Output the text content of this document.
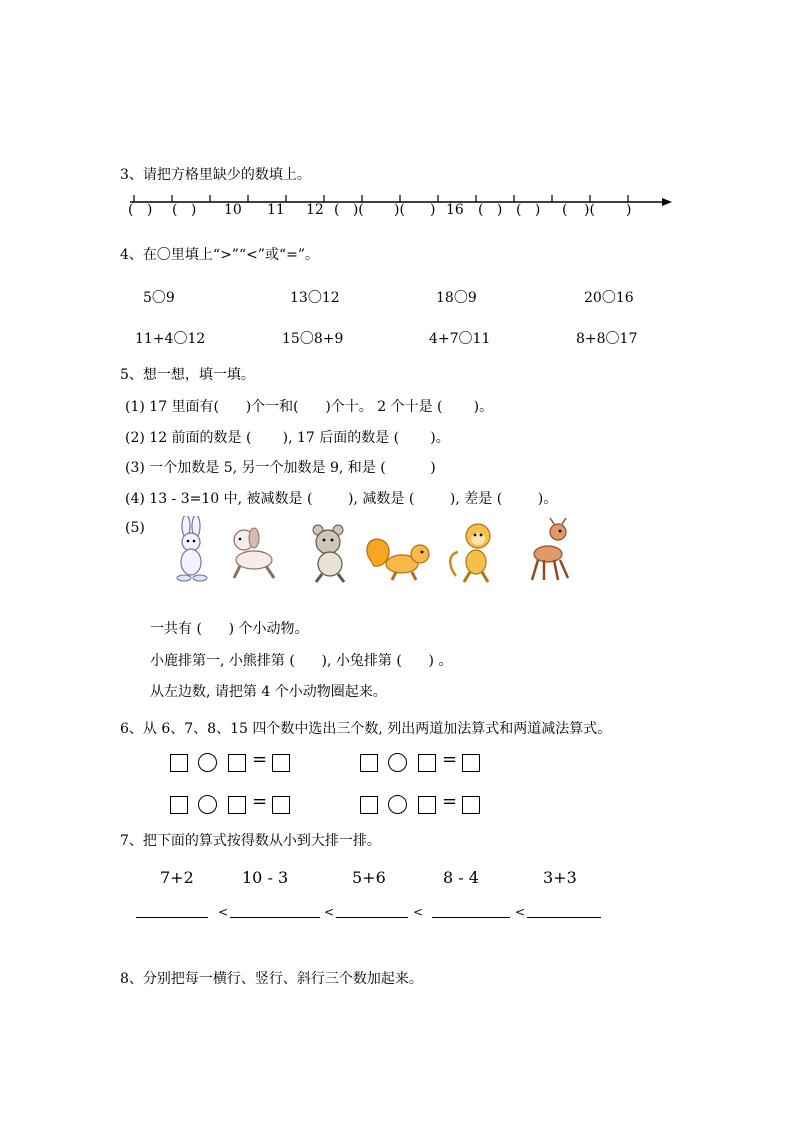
3、请把方格里缺少的数填上。
(   ) (   ) 10 11 12 (   )( )( ) 16 (   ) (   ) ( )( )
4、在〇里填上“>”“<”或“=”。
5〇9	13〇12	18〇9	20〇16
11+4〇12	15〇8+9	4+7〇11	8+8〇17
5、想一想，填一填。
(1) 17 里面有(      )个一和(      )个十。 2 个十是 (       )。
(2) 12 前面的数是 (       ), 17 后面的数是 (       )。
(3) 一个加数是 5, 另一个加数是 9, 和是 (          )
(4) 13 - 3=10 中, 被减数是 (        ), 减数是 (        ), 差是 (        )。
(5)
一共有 (      ) 个小动物。
小鹿排第一, 小熊排第 (      ), 小兔排第 (      ) 。
从左边数, 请把第 4 个小动物圈起来。
6、从 6、7、8、15 四个数中选出三个数, 列出两道加法算式和两道减法算式。
=	=
=	=
7、把下面的算式按得数从小到大排一排。
7+2	10 - 3	5+6	8 - 4	3+3
<	<	<	<
8、分别把每一横行、竖行、斜行三个数加起来。
